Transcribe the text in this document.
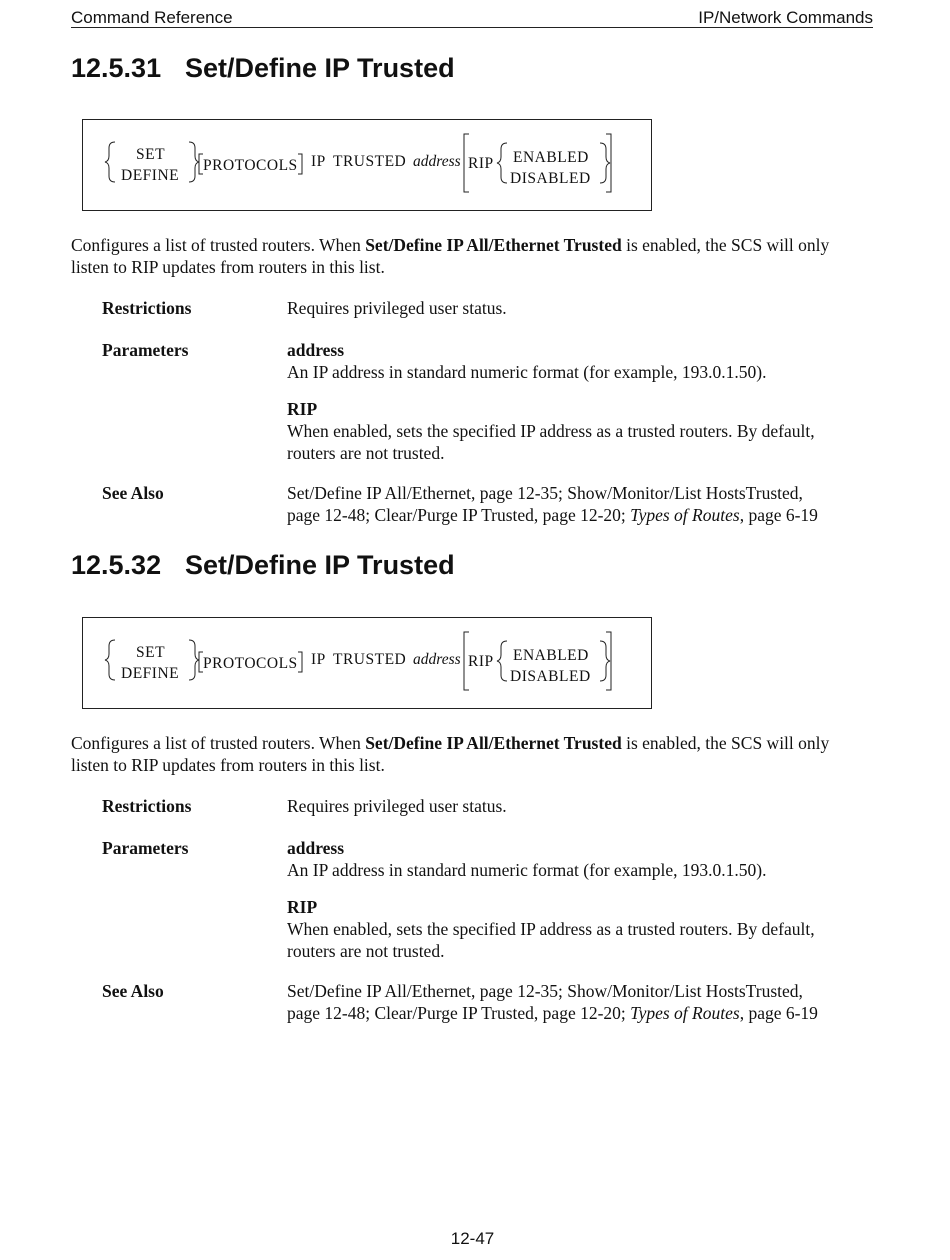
Command Reference	IP/Network Commands
12.5.31 Set/Define IP Trusted
SET
DEFINE
PROTOCOLS IP TRUSTED address RIP ENABLED
DISABLED
Configures a list of trusted routers. When Set/Define IP All/Ethernet Trusted is enabled, the SCS will only
listen to RIP updates from routers in this list.
Restrictions	Requires privileged user status.
Parameters	address
An IP address in standard numeric format (for example, 193.0.1.50).
RIP
When enabled, sets the specified IP address as a trusted routers. By default,
routers are not trusted.
See Also	Set/Define IP All/Ethernet, page 12-35; Show/Monitor/List HostsTrusted,
page 12-48; Clear/Purge IP Trusted, page 12-20; Types of Routes, page 6-19
12.5.32 Set/Define IP Trusted
SET
DEFINE
PROTOCOLS IP TRUSTED address RIP ENABLED
DISABLED
Configures a list of trusted routers. When Set/Define IP All/Ethernet Trusted is enabled, the SCS will only
listen to RIP updates from routers in this list.
Restrictions	Requires privileged user status.
Parameters	address
An IP address in standard numeric format (for example, 193.0.1.50).
RIP
When enabled, sets the specified IP address as a trusted routers. By default,
routers are not trusted.
See Also	Set/Define IP All/Ethernet, page 12-35; Show/Monitor/List HostsTrusted,
page 12-48; Clear/Purge IP Trusted, page 12-20; Types of Routes, page 6-19
12-47
